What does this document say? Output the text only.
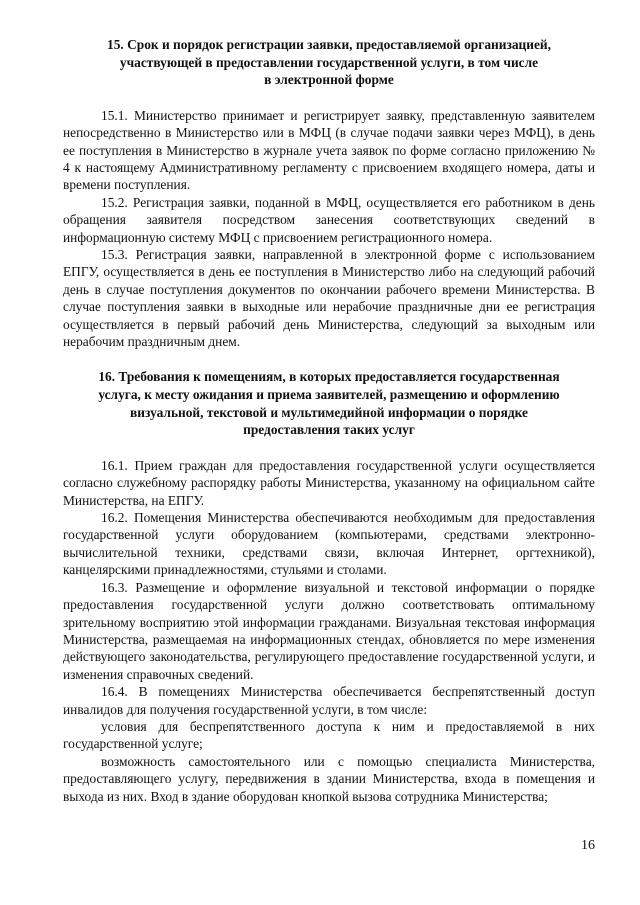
15. Срок и порядок регистрации заявки, предоставляемой организацией,
участвующей в предоставлении государственной услуги, в том числе
в электронной форме

15.1. Министерство принимает и регистрирует заявку, представленную заявителем непосредственно в Министерство или в МФЦ (в случае подачи заявки через МФЦ), в день ее поступления в Министерство в журнале учета заявок по форме согласно приложению № 4 к настоящему Административному регламенту с присвоением входящего номера, даты и времени поступления.

15.2. Регистрация заявки, поданной в МФЦ, осуществляется его работником в день обращения заявителя посредством занесения соответствующих сведений в информационную систему МФЦ с присвоением регистрационного номера.

15.3. Регистрация заявки, направленной в электронной форме с использованием ЕПГУ, осуществляется в день ее поступления в Министерство либо на следующий рабочий день в случае поступления документов по окончании рабочего времени Министерства. В случае поступления заявки в выходные или нерабочие праздничные дни ее регистрация осуществляется в первый рабочий день Министерства, следующий за выходным или нерабочим праздничным днем.

16. Требования к помещениям, в которых предоставляется государственная
услуга, к месту ожидания и приема заявителей, размещению и оформлению
визуальной, текстовой и мультимедийной информации о порядке
предоставления таких услуг

16.1. Прием граждан для предоставления государственной услуги осуществляется согласно служебному распорядку работы Министерства, указанному на официальном сайте Министерства, на ЕПГУ.

16.2. Помещения Министерства обеспечиваются необходимым для предоставления государственной услуги оборудованием (компьютерами, средствами электронно-вычислительной техники, средствами связи, включая Интернет, оргтехникой), канцелярскими принадлежностями, стульями и столами.

16.3. Размещение и оформление визуальной и текстовой информации о порядке предоставления государственной услуги должно соответствовать оптимальному зрительному восприятию этой информации гражданами. Визуальная текстовая информация Министерства, размещаемая на информационных стендах, обновляется по мере изменения действующего законодательства, регулирующего предоставление государственной услуги, и изменения справочных сведений.

16.4. В помещениях Министерства обеспечивается беспрепятственный доступ инвалидов для получения государственной услуги, в том числе:

условия для беспрепятственного доступа к ним и предоставляемой в них государственной услуге;

возможность самостоятельного или с помощью специалиста Министерства, предоставляющего услугу, передвижения в здании Министерства, входа в помещения и выхода из них. Вход в здание оборудован кнопкой вызова сотрудника Министерства;

16
